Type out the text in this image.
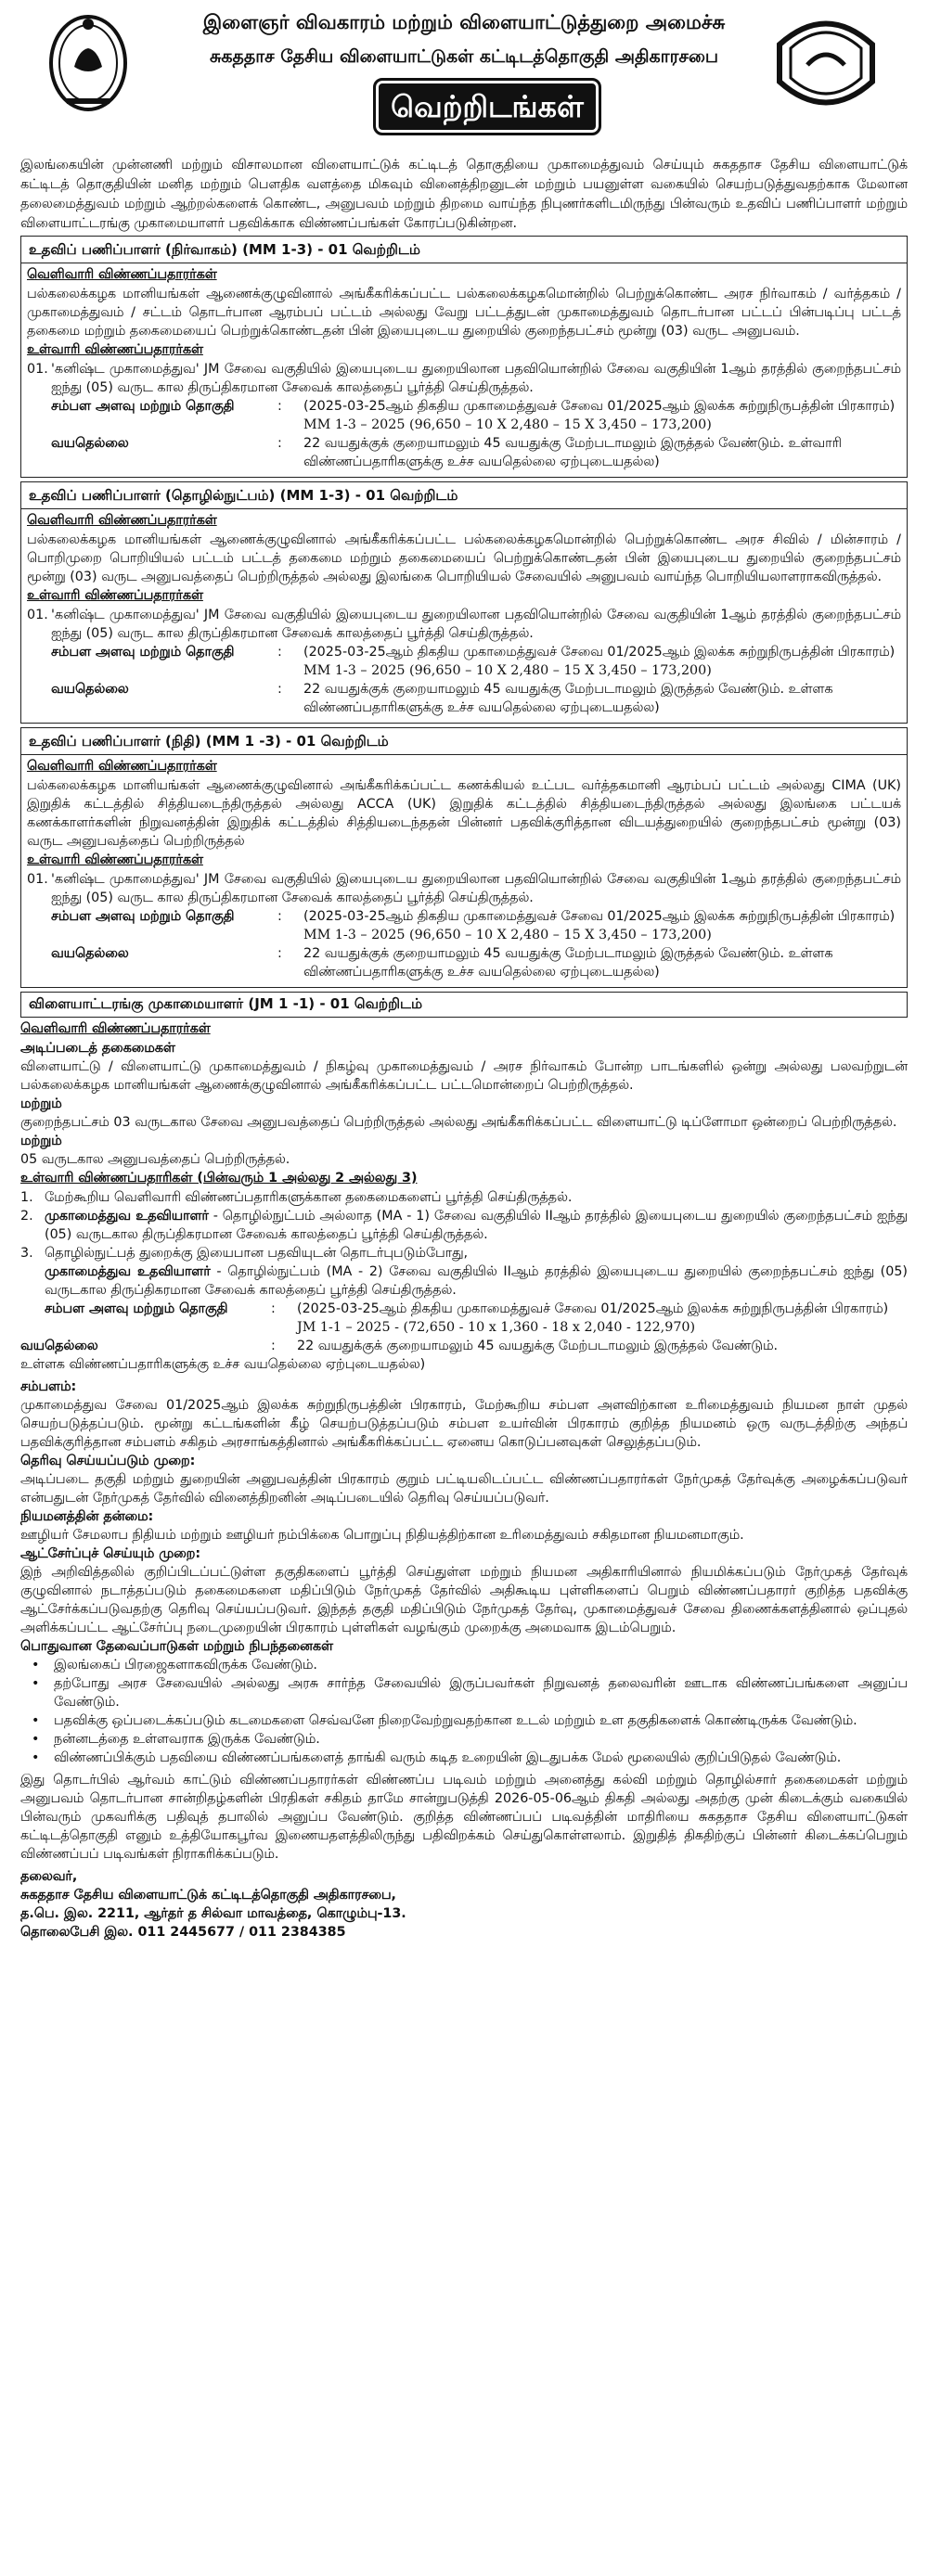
இளைஞர் விவகாரம் மற்றும் விளையாட்டுத்துறை அமைச்சு
சுகததாச தேசிய விளையாட்டுகள் கட்டிடத்தொகுதி அதிகாரசபை
வெற்றிடங்கள்
இலங்கையின் முன்னணி மற்றும் விசாலமான விளையாட்டுக் கட்டிடத் தொகுதியை முகாமைத்துவம் செய்யும் சுகததாச தேசிய விளையாட்டுக் கட்டிடத் தொகுதியின் மனித மற்றும் பௌதிக வளத்தை மிகவும் வினைத்திறனுடன் மற்றும் பயனுள்ள வகையில் செயற்படுத்துவதற்காக மேலான தலைமைத்துவம் மற்றும் ஆற்றல்களைக் கொண்ட, அனுபவம் மற்றும் திறமை வாய்ந்த நிபுணர்களிடமிருந்து பின்வரும் உதவிப் பணிப்பாளர் மற்றும் விளையாட்டரங்கு முகாமையாளர் பதவிக்காக விண்ணப்பங்கள் கோரப்படுகின்றன.
உதவிப் பணிப்பாளர் (நிர்வாகம்) (MM 1-3) - 01 வெற்றிடம்
வெளிவாரி விண்ணப்பதாரர்கள்

பல்கலைக்கழக மானியங்கள் ஆணைக்குழுவினால் அங்கீகரிக்கப்பட்ட பல்கலைக்கழகமொன்றில் பெற்றுக்கொண்ட அரச நிர்வாகம் / வர்த்தகம் / முகாமைத்துவம் / சட்டம் தொடர்பான ஆரம்பப் பட்டம் அல்லது வேறு பட்டத்துடன் முகாமைத்துவம் தொடர்பான பட்டப் பின்படிப்பு பட்டத் தகைமை மற்றும் தகைமையைப் பெற்றுக்கொண்டதன் பின் இயைபுடைய துறையில் குறைந்தபட்சம் மூன்று (03) வருட அனுபவம்.

உள்வாரி விண்ணப்பதாரர்கள்
01. 'கனிஷ்ட முகாமைத்துவ' JM சேவை வகுதியில் இயைபுடைய துறையிலான பதவியொன்றில் சேவை வகுதியின் 1ஆம் தரத்தில் குறைந்தபட்சம் ஐந்து (05) வருட கால திருப்திகரமான சேவைக் காலத்தைப் பூர்த்தி செய்திருத்தல்.
சம்பள அளவு மற்றும் தொகுதி	:	(2025-03-25ஆம் திகதிய முகாமைத்துவச் சேவை 01/2025ஆம் இலக்க சுற்றுநிருபத்தின் பிரகாரம்)
MM 1-3 – 2025 (96,650 – 10 X 2,480 – 15 X 3,450 – 173,200)
வயதெல்லை	:	22 வயதுக்குக் குறையாமலும் 45 வயதுக்கு மேற்படாமலும் இருத்தல் வேண்டும். உள்வாரி விண்ணப்பதாரிகளுக்கு உச்ச வயதெல்லை ஏற்புடையதல்ல)
உதவிப் பணிப்பாளர் (தொழில்நுட்பம்) (MM 1-3) - 01 வெற்றிடம்
வெளிவாரி விண்ணப்பதாரர்கள்

பல்கலைக்கழக மானியங்கள் ஆணைக்குழுவினால் அங்கீகரிக்கப்பட்ட பல்கலைக்கழகமொன்றில் பெற்றுக்கொண்ட அரச சிவில் / மின்சாரம் / பொறிமுறை பொறியியல் பட்டம் பட்டத் தகைமை மற்றும் தகைமையைப் பெற்றுக்கொண்டதன் பின் இயைபுடைய துறையில் குறைந்தபட்சம் மூன்று (03) வருட அனுபவத்தைப் பெற்றிருத்தல் அல்லது இலங்கை பொறியியல் சேவையில் அனுபவம் வாய்ந்த பொறியியலாளராகவிருத்தல்.

உள்வாரி விண்ணப்பதாரர்கள்
01. 'கனிஷ்ட முகாமைத்துவ' JM சேவை வகுதியில் இயைபுடைய துறையிலான பதவியொன்றில் சேவை வகுதியின் 1ஆம் தரத்தில் குறைந்தபட்சம் ஐந்து (05) வருட கால திருப்திகரமான சேவைக் காலத்தைப் பூர்த்தி செய்திருத்தல்.
சம்பள அளவு மற்றும் தொகுதி	:	(2025-03-25ஆம் திகதிய முகாமைத்துவச் சேவை 01/2025ஆம் இலக்க சுற்றுநிருபத்தின் பிரகாரம்)
MM 1-3 – 2025 (96,650 – 10 X 2,480 – 15 X 3,450 – 173,200)
வயதெல்லை	:	22 வயதுக்குக் குறையாமலும் 45 வயதுக்கு மேற்படாமலும் இருத்தல் வேண்டும். உள்ளக விண்ணப்பதாரிகளுக்கு உச்ச வயதெல்லை ஏற்புடையதல்ல)
உதவிப் பணிப்பாளர் (நிதி) (MM 1 -3) - 01 வெற்றிடம்
வெளிவாரி விண்ணப்பதாரர்கள்

பல்கலைக்கழக மானியங்கள் ஆணைக்குழுவினால் அங்கீகரிக்கப்பட்ட கணக்கியல் உட்பட வர்த்தகமானி ஆரம்பப் பட்டம் அல்லது CIMA (UK) இறுதிக் கட்டத்தில் சித்தியடைந்திருத்தல் அல்லது ACCA (UK) இறுதிக் கட்டத்தில் சித்தியடைந்திருத்தல் அல்லது இலங்கை பட்டயக் கணக்காளர்களின் நிறுவனத்தின் இறுதிக் கட்டத்தில் சித்தியடைந்ததன் பின்னர் பதவிக்குரித்தான விடயத்துறையில் குறைந்தபட்சம் மூன்று (03) வருட அனுபவத்தைப் பெற்றிருத்தல்

உள்வாரி விண்ணப்பதாரர்கள்
01. 'கனிஷ்ட முகாமைத்துவ' JM சேவை வகுதியில் இயைபுடைய துறையிலான பதவியொன்றில் சேவை வகுதியின் 1ஆம் தரத்தில் குறைந்தபட்சம் ஐந்து (05) வருட கால திருப்திகரமான சேவைக் காலத்தைப் பூர்த்தி செய்திருத்தல்.
சம்பள அளவு மற்றும் தொகுதி	:	(2025-03-25ஆம் திகதிய முகாமைத்துவச் சேவை 01/2025ஆம் இலக்க சுற்றுநிருபத்தின் பிரகாரம்)
MM 1-3 – 2025 (96,650 – 10 X 2,480 – 15 X 3,450 – 173,200)
வயதெல்லை	:	22 வயதுக்குக் குறையாமலும் 45 வயதுக்கு மேற்படாமலும் இருத்தல் வேண்டும். உள்ளக விண்ணப்பதாரிகளுக்கு உச்ச வயதெல்லை ஏற்புடையதல்ல)
விளையாட்டரங்கு முகாமையாளர் (JM 1 -1) - 01 வெற்றிடம்
வெளிவாரி விண்ணப்பதாரர்கள்
அடிப்படைத் தகைமைகள்

விளையாட்டு / விளையாட்டு முகாமைத்துவம் / நிகழ்வு முகாமைத்துவம் / அரச நிர்வாகம் போன்ற பாடங்களில் ஒன்று அல்லது பலவற்றுடன் பல்கலைக்கழக மானியங்கள் ஆணைக்குழுவினால் அங்கீகரிக்கப்பட்ட பட்டமொன்றைப் பெற்றிருத்தல்.

மற்றும்

குறைந்தபட்சம் 03 வருடகால சேவை அனுபவத்தைப் பெற்றிருத்தல் அல்லது அங்கீகரிக்கப்பட்ட விளையாட்டு டிப்ளோமா ஒன்றைப் பெற்றிருத்தல்.

மற்றும்

05 வருடகால அனுபவத்தைப் பெற்றிருத்தல்.

உள்வாரி விண்ணப்பதாரிகள் (பின்வரும் 1 அல்லது 2 அல்லது 3)
1. மேற்கூறிய வெளிவாரி விண்ணப்பதாரிகளுக்கான தகைமைகளைப் பூர்த்தி செய்திருத்தல்.
2. முகாமைத்துவ உதவியாளர் - தொழில்நுட்பம் அல்லாத (MA - 1) சேவை வகுதியில் IIஆம் தரத்தில் இயைபுடைய துறையில் குறைந்தபட்சம் ஐந்து (05) வருடகால திருப்திகரமான சேவைக் காலத்தைப் பூர்த்தி செய்திருத்தல்.
3. தொழில்நுட்பத் துறைக்கு இயைபான பதவியுடன் தொடர்புபடும்போது,
முகாமைத்துவ உதவியாளர் - தொழில்நுட்பம் (MA - 2) சேவை வகுதியில் IIஆம் தரத்தில் இயைபுடைய துறையில் குறைந்தபட்சம் ஐந்து (05) வருடகால திருப்திகரமான சேவைக் காலத்தைப் பூர்த்தி செய்திருத்தல்.
சம்பள அளவு மற்றும் தொகுதி	:	(2025-03-25ஆம் திகதிய முகாமைத்துவச் சேவை 01/2025ஆம் இலக்க சுற்றுநிருபத்தின் பிரகாரம்)
JM 1-1 – 2025 - (72,650 - 10 x 1,360 - 18 x 2,040 - 122,970)
வயதெல்லை	:	22 வயதுக்குக் குறையாமலும் 45 வயதுக்கு மேற்படாமலும் இருத்தல் வேண்டும்.

உள்ளக விண்ணப்பதாரிகளுக்கு உச்ச வயதெல்லை ஏற்புடையதல்ல)

சம்பளம்:

முகாமைத்துவ சேவை 01/2025ஆம் இலக்க சுற்றுநிருபத்தின் பிரகாரம், மேற்கூறிய சம்பள அளவிற்கான உரிமைத்துவம் நியமன நாள் முதல் செயற்படுத்தப்படும். மூன்று கட்டங்களின் கீழ் செயற்படுத்தப்படும் சம்பள உயர்வின் பிரகாரம் குறித்த நியமனம் ஒரு வருடத்திற்கு அந்தப் பதவிக்குரித்தான சம்பளம் சகிதம் அரசாங்கத்தினால் அங்கீகரிக்கப்பட்ட ஏனைய கொடுப்பனவுகள் செலுத்தப்படும்.

தெரிவு செய்யப்படும் முறை:

அடிப்படை தகுதி மற்றும் துறையின் அனுபவத்தின் பிரகாரம் குறும் பட்டியலிடப்பட்ட விண்ணப்பதாரர்கள் நேர்முகத் தேர்வுக்கு அழைக்கப்படுவர் என்பதுடன் நேர்முகத் தேர்வில் வினைத்திறனின் அடிப்படையில் தெரிவு செய்யப்படுவர்.

நியமனத்தின் தன்மை:

ஊழியர் சேமலாப நிதியம் மற்றும் ஊழியர் நம்பிக்கை பொறுப்பு நிதியத்திற்கான உரிமைத்துவம் சகிதமான நியமனமாகும்.

ஆட்சேர்ப்புச் செய்யும் முறை:

இந் அறிவித்தலில் குறிப்பிடப்பட்டுள்ள தகுதிகளைப் பூர்த்தி செய்துள்ள மற்றும் நியமன அதிகாரியினால் நியமிக்கப்படும் நேர்முகத் தேர்வுக் குழுவினால் நடாத்தப்படும் தகைமைகளை மதிப்பிடும் நேர்முகத் தேர்வில் அதிகூடிய புள்ளிகளைப் பெறும் விண்ணப்பதாரர் குறித்த பதவிக்கு ஆட்சேர்க்கப்படுவதற்கு தெரிவு செய்யப்படுவர். இந்தத் தகுதி மதிப்பிடும் நேர்முகத் தேர்வு, முகாமைத்துவச் சேவை திணைக்களத்தினால் ஒப்புதல் அளிக்கப்பட்ட ஆட்சேர்ப்பு நடைமுறையின் பிரகாரம் புள்ளிகள் வழங்கும் முறைக்கு அமைவாக இடம்பெறும்.

பொதுவான தேவைப்பாடுகள் மற்றும் நிபந்தனைகள்
•	இலங்கைப் பிரஜைகளாகவிருக்க வேண்டும்.
•	தற்போது அரச சேவையில் அல்லது அரசு சார்ந்த சேவையில் இருப்பவர்கள் நிறுவனத் தலைவரின் ஊடாக விண்ணப்பங்களை அனுப்ப வேண்டும்.
•	பதவிக்கு ஒப்படைக்கப்படும் கடமைகளை செவ்வனே நிறைவேற்றுவதற்கான உடல் மற்றும் உள தகுதிகளைக் கொண்டிருக்க வேண்டும்.
•	நன்னடத்தை உள்ளவராக இருக்க வேண்டும்.
•	விண்ணப்பிக்கும் பதவியை விண்ணப்பங்களைத் தாங்கி வரும் கடித உறையின் இடதுபக்க மேல் மூலையில் குறிப்பிடுதல் வேண்டும்.

இது தொடர்பில் ஆர்வம் காட்டும் விண்ணப்பதாரர்கள் விண்ணப்ப படிவம் மற்றும் அனைத்து கல்வி மற்றும் தொழில்சார் தகைமைகள் மற்றும் அனுபவம் தொடர்பான சான்றிதழ்களின் பிரதிகள் சகிதம் தாமே சான்றுபடுத்தி 2026-05-06ஆம் திகதி அல்லது அதற்கு முன் கிடைக்கும் வகையில் பின்வரும் முகவரிக்கு பதிவுத் தபாலில் அனுப்ப வேண்டும். குறித்த விண்ணப்பப் படிவத்தின் மாதிரியை சுகததாச தேசிய விளையாட்டுகள் கட்டிடத்தொகுதி எனும் உத்தியோகபூர்வ இணையதளத்திலிருந்து பதிவிறக்கம் செய்துகொள்ளலாம். இறுதித் திகதிற்குப் பின்னர் கிடைக்கப்பெறும் விண்ணப்பப் படிவங்கள் நிராகரிக்கப்படும்.

தலைவர்,
சுகததாச தேசிய விளையாட்டுக் கட்டிடத்தொகுதி அதிகாரசபை,
த.பெ. இல. 2211, ஆர்தர் த சில்வா மாவத்தை, கொழும்பு-13.
தொலைபேசி இல. 011 2445677 / 011 2384385
